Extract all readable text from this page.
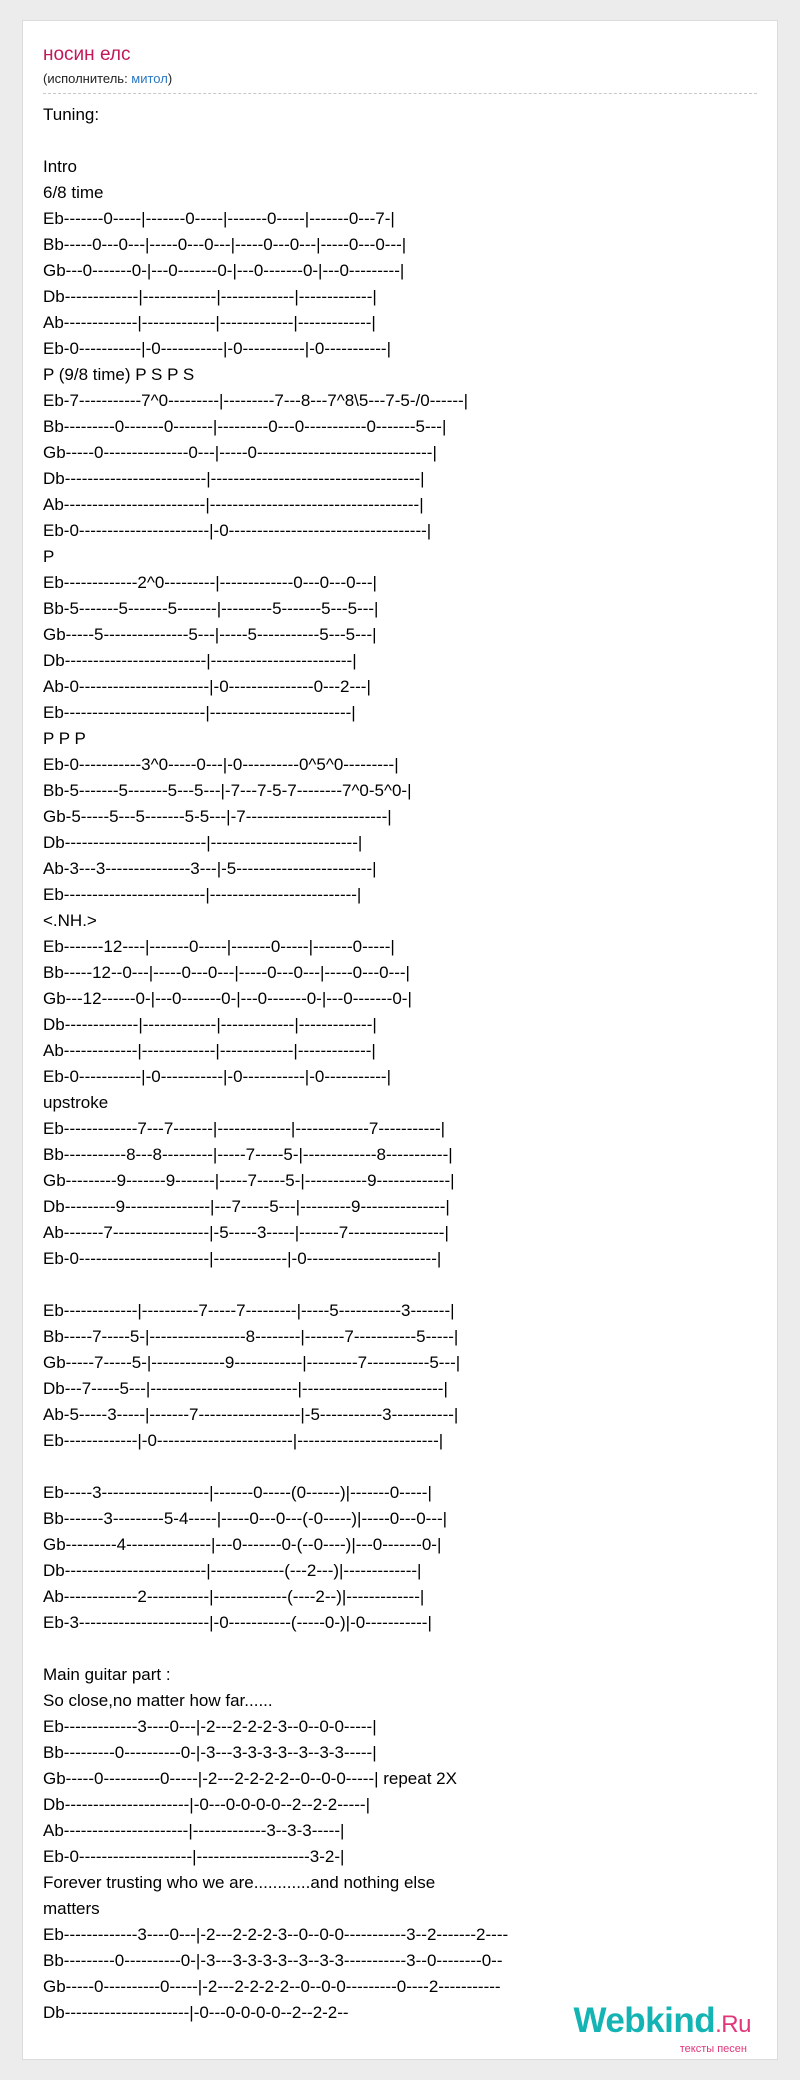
носин елс
(исполнитель: митол)
Tuning:
Intro
6/8 time
Eb-------0-----|-------0-----|-------0-----|-------0---7-|
Bb-----0---0---|-----0---0---|-----0---0---|-----0---0---|
Gb---0-------0-|---0-------0-|---0-------0-|---0---------|
Db-------------|-------------|-------------|-------------|
Ab-------------|-------------|-------------|-------------|
Eb-0-----------|-0-----------|-0-----------|-0-----------|
P (9/8 time) P S P S
Eb-7-----------7^0---------|---------7---8---7^8\5---7-5-/0------|
Bb---------0-------0-------|---------0---0-----------0-------5---|
Gb-----0---------------0---|-----0-------------------------------|
Db-------------------------|-------------------------------------|
Ab-------------------------|-------------------------------------|
Eb-0-----------------------|-0-----------------------------------|
P
Eb-------------2^0---------|-------------0---0---0---|
Bb-5-------5-------5-------|---------5-------5---5---|
Gb-----5---------------5---|-----5-----------5---5---|
Db-------------------------|-------------------------|
Ab-0-----------------------|-0---------------0---2---|
Eb-------------------------|-------------------------|
P P P
Eb-0-----------3^0-----0---|-0----------0^5^0---------|
Bb-5-------5-------5---5---|-7---7-5-7--------7^0-5^0-|
Gb-5-----5---5-------5-5---|-7-------------------------|
Db-------------------------|--------------------------|
Ab-3---3---------------3---|-5------------------------|
Eb-------------------------|--------------------------|
<.NH.>
Eb-------12----|-------0-----|-------0-----|-------0-----|
Bb-----12--0---|-----0---0---|-----0---0---|-----0---0---|
Gb---12------0-|---0-------0-|---0-------0-|---0-------0-|
Db-------------|-------------|-------------|-------------|
Ab-------------|-------------|-------------|-------------|
Eb-0-----------|-0-----------|-0-----------|-0-----------|
upstroke
Eb-------------7---7-------|-------------|-------------7-----------|
Bb-----------8---8---------|-----7-----5-|-------------8-----------|
Gb---------9-------9-------|-----7-----5-|-----------9-------------|
Db---------9---------------|---7-----5---|---------9---------------|
Ab-------7-----------------|-5-----3-----|-------7-----------------|
Eb-0-----------------------|-------------|-0-----------------------|
Eb-------------|----------7-----7---------|-----5-----------3-------|
Bb-----7-----5-|-----------------8--------|-------7-----------5-----|
Gb-----7-----5-|-------------9------------|---------7-----------5---|
Db---7-----5---|--------------------------|-------------------------|
Ab-5-----3-----|-------7------------------|-5-----------3-----------|
Eb-------------|-0------------------------|-------------------------|
Eb-----3-------------------|-------0-----(0------)|-------0-----|
Bb-------3---------5-4-----|-----0---0---(-0-----)|-----0---0---|
Gb---------4---------------|---0-------0-(--0----)|---0-------0-|
Db-------------------------|-------------(---2---)|-------------|
Ab-------------2-----------|-------------(----2--)|-------------|
Eb-3-----------------------|-0-----------(-----0-)|-0-----------|
Main guitar part :
So close,no matter how far......
Eb-------------3----0---|-2---2-2-2-3--0--0-0-----|
Bb---------0----------0-|-3---3-3-3-3--3--3-3-----|
Gb-----0----------0-----|-2---2-2-2-2--0--0-0-----| repeat 2X
Db----------------------|-0---0-0-0-0--2--2-2-----|
Ab----------------------|-------------3--3-3-----|
Eb-0--------------------|--------------------3-2-|
Forever trusting who we are............and nothing else
matters
Eb-------------3----0---|-2---2-2-2-3--0--0-0-----------3--2-------2----
Bb---------0----------0-|-3---3-3-3-3--3--3-3-----------3--0--------0--
Gb-----0----------0-----|-2---2-2-2-2--0--0-0---------0----2-----------
Db----------------------|-0---0-0-0-0--2--2-2--	Webkind.Ru
тексты песен
